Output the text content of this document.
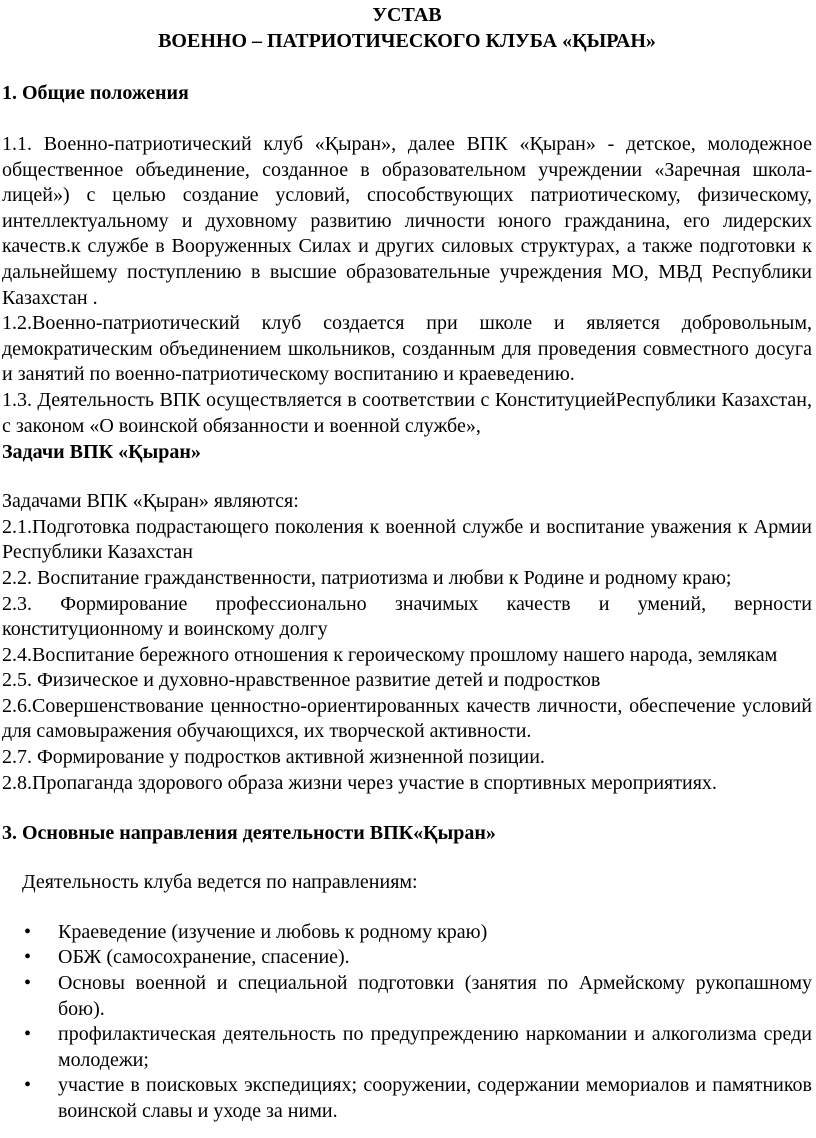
УСТАВ
ВОЕННО – ПАТРИОТИЧЕСКОГО КЛУБА «ҚЫРАН»
1. Общие положения

1.1. Военно-патриотический клуб «Қыран», далее ВПК «Қыран» - детское, молодежное общественное объединение, созданное в образовательном учреждении «Заречная школа-лицей») с целью создание условий, способствующих патриотическому, физическому, интеллектуальному и духовному развитию личности юного гражданина, его лидерских качеств.к службе в Вооруженных Силах и других силовых структурах, а также подготовки к дальнейшему поступлению в высшие образовательные учреждения МО, МВД Республики Казахстан .

1.2.Военно-патриотический клуб создается при школе и является добровольным, демократическим объединением школьников, созданным для проведения совместного досуга и занятий по военно-патриотическому воспитанию и краеведению.

1.3. Деятельность ВПК осуществляется в соответствии с КонституциейРеспублики Казахстан, с законом «О воинской обязанности и военной службе»,

Задачи ВПК «Қыран»

Задачами ВПК «Қыран» являются:

2.1.Подготовка подрастающего поколения к военной службе и воспитание уважения к Армии Республики Казахстан

2.2. Воспитание гражданственности, патриотизма и любви к Родине и родному краю;

2.3. Формирование профессионально значимых качеств и умений, верности конституционному и воинскому долгу

2.4.Воспитание бережного отношения к героическому прошлому нашего народа, землякам

2.5. Физическое и духовно-нравственное развитие детей и подростков

2.6.Совершенствование ценностно-ориентированных качеств личности, обеспечение условий для самовыражения обучающихся, их творческой активности.

2.7. Формирование у подростков активной жизненной позиции.

2.8.Пропаганда здорового образа жизни через участие в спортивных мероприятиях.

3. Основные направления деятельности ВПК«Қыран»

Деятельность клуба ведется по направлениям:

• Краеведение (изучение и любовь к родному краю)
• ОБЖ (самосохранение, спасение).
• Основы военной и специальной подготовки (занятия по Армейскому рукопашному бою).
• профилактическая деятельность по предупреждению наркомании и алкоголизма среди молодежи;
• участие в поисковых экспедициях; сооружении, содержании мемориалов и памятников воинской славы и уходе за ними.
